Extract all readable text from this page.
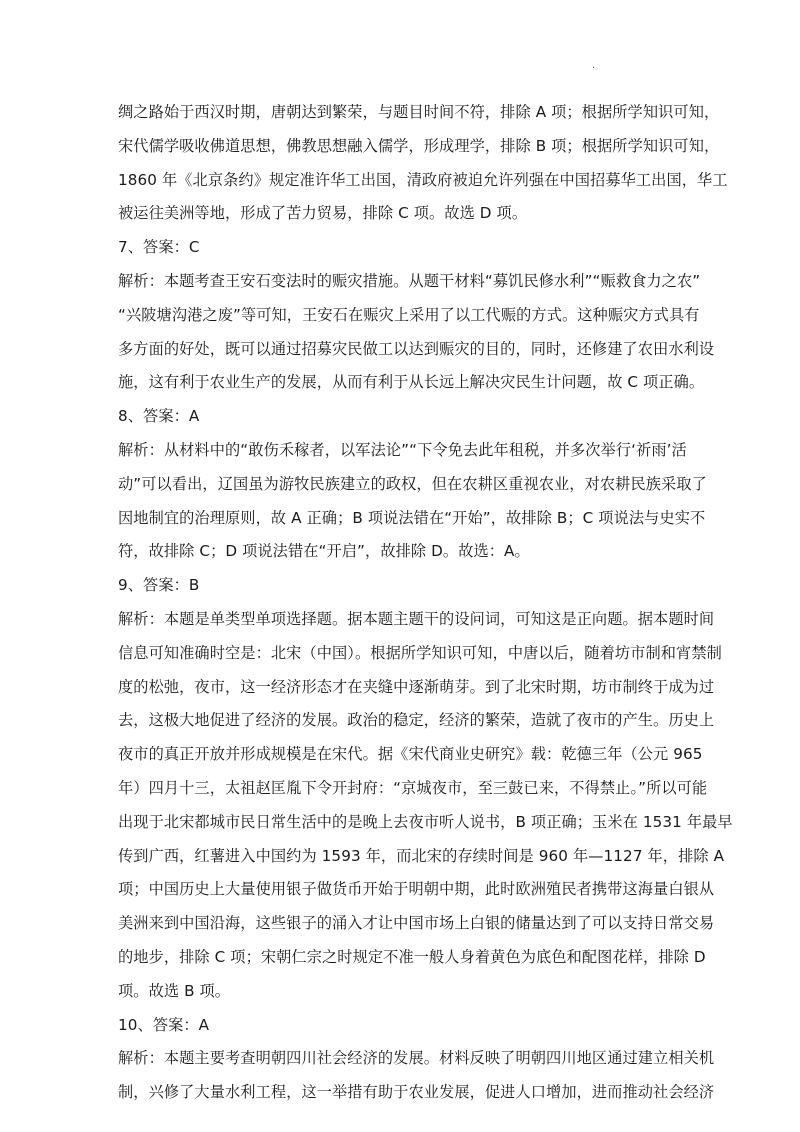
.
绸之路始于西汉时期，唐朝达到繁荣，与题目时间不符，排除 A 项；根据所学知识可知，
宋代儒学吸收佛道思想，佛教思想融入儒学，形成理学，排除 B 项；根据所学知识可知，
1860 年《北京条约》规定准许华工出国，清政府被迫允许列强在中国招募华工出国，华工
被运往美洲等地，形成了苦力贸易，排除 C 项。故选 D 项。
7、答案：C
解析：本题考查王安石变法时的赈灾措施。从题干材料“募饥民修水利”“赈救食力之农”
“兴陂塘沟港之废”等可知，王安石在赈灾上采用了以工代赈的方式。这种赈灾方式具有
多方面的好处，既可以通过招募灾民做工以达到赈灾的目的，同时，还修建了农田水利设
施，这有利于农业生产的发展，从而有利于从长远上解决灾民生计问题，故 C 项正确。
8、答案：A
解析：从材料中的“敢伤禾稼者，以军法论”“下令免去此年租税，并多次举行‘祈雨’活
动”可以看出，辽国虽为游牧民族建立的政权，但在农耕区重视农业，对农耕民族采取了
因地制宜的治理原则，故 A 正确；B 项说法错在“开始”，故排除 B；C 项说法与史实不
符，故排除 C；D 项说法错在“开启”，故排除 D。故选：A。
9、答案：B
解析：本题是单类型单项选择题。据本题主题干的设问词，可知这是正向题。据本题时间
信息可知准确时空是：北宋（中国）。根据所学知识可知，中唐以后，随着坊市制和宵禁制
度的松弛，夜市，这一经济形态才在夹缝中逐渐萌芽。到了北宋时期，坊市制终于成为过
去，这极大地促进了经济的发展。政治的稳定，经济的繁荣，造就了夜市的产生。历史上
夜市的真正开放并形成规模是在宋代。据《宋代商业史研究》载：乾德三年（公元 965
年）四月十三，太祖赵匡胤下令开封府：“京城夜市，至三鼓已来，不得禁止。”所以可能
出现于北宋都城市民日常生活中的是晚上去夜市听人说书，B 项正确；玉米在 1531 年最早
传到广西，红薯进入中国约为 1593 年，而北宋的存续时间是 960 年—1127 年，排除 A
项；中国历史上大量使用银子做货币开始于明朝中期，此时欧洲殖民者携带这海量白银从
美洲来到中国沿海，这些银子的涌入才让中国市场上白银的储量达到了可以支持日常交易
的地步，排除 C 项；宋朝仁宗之时规定不准一般人身着黄色为底色和配图花样，排除 D
项。故选 B 项。
10、答案：A
解析：本题主要考查明朝四川社会经济的发展。材料反映了明朝四川地区通过建立相关机
制，兴修了大量水利工程，这一举措有助于农业发展，促进人口增加，进而推动社会经济
